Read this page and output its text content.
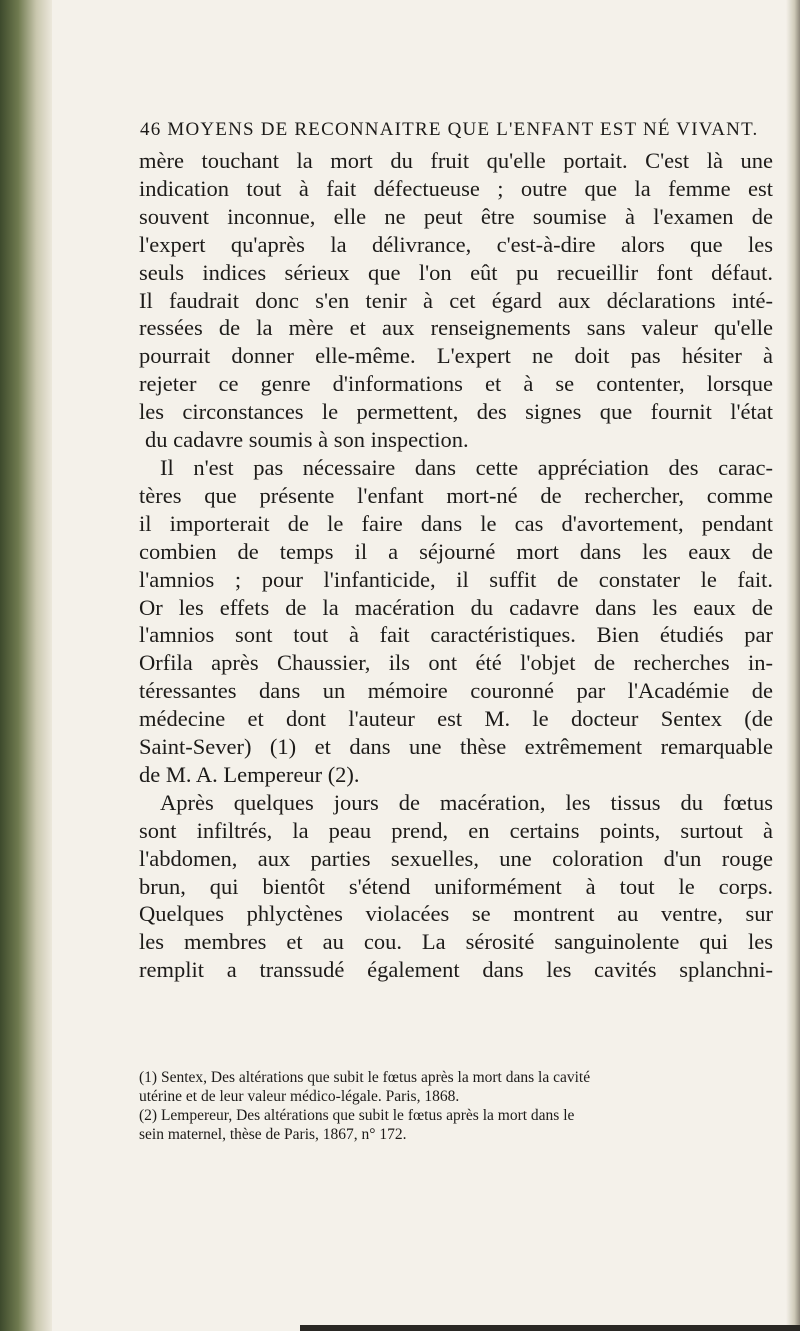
46 MOYENS DE RECONNAITRE QUE L'ENFANT EST NÉ VIVANT.
mère touchant la mort du fruit qu'elle portait. C'est là une
indication tout à fait défectueuse ; outre que la femme est
souvent inconnue, elle ne peut être soumise à l'examen de
l'expert qu'après la délivrance, c'est-à-dire alors que les
seuls indices sérieux que l'on eût pu recueillir font défaut.
Il faudrait donc s'en tenir à cet égard aux déclarations inté-
ressées de la mère et aux renseignements sans valeur qu'elle
pourrait donner elle-même. L'expert ne doit pas hésiter à
rejeter ce genre d'informations et à se contenter, lorsque
les circonstances le permettent, des signes que fournit l'état
du cadavre soumis à son inspection.
Il n'est pas nécessaire dans cette appréciation des carac-
tères que présente l'enfant mort-né de rechercher, comme
il importerait de le faire dans le cas d'avortement, pendant
combien de temps il a séjourné mort dans les eaux de
l'amnios ; pour l'infanticide, il suffit de constater le fait.
Or les effets de la macération du cadavre dans les eaux de
l'amnios sont tout à fait caractéristiques. Bien étudiés par
Orfila après Chaussier, ils ont été l'objet de recherches in-
téressantes dans un mémoire couronné par l'Académie de
médecine et dont l'auteur est M. le docteur Sentex (de
Saint-Sever) (1) et dans une thèse extrêmement remarquable
de M. A. Lempereur (2).
Après quelques jours de macération, les tissus du fœtus
sont infiltrés, la peau prend, en certains points, surtout à
l'abdomen, aux parties sexuelles, une coloration d'un rouge
brun, qui bientôt s'étend uniformément à tout le corps.
Quelques phlyctènes violacées se montrent au ventre, sur
les membres et au cou. La sérosité sanguinolente qui les
remplit a transsudé également dans les cavités splanchni-
(1) Sentex, Des altérations que subit le fœtus après la mort dans la cavité
utérine et de leur valeur médico-légale. Paris, 1868.
(2) Lempereur, Des altérations que subit le fœtus après la mort dans le
sein maternel, thèse de Paris, 1867, n° 172.
